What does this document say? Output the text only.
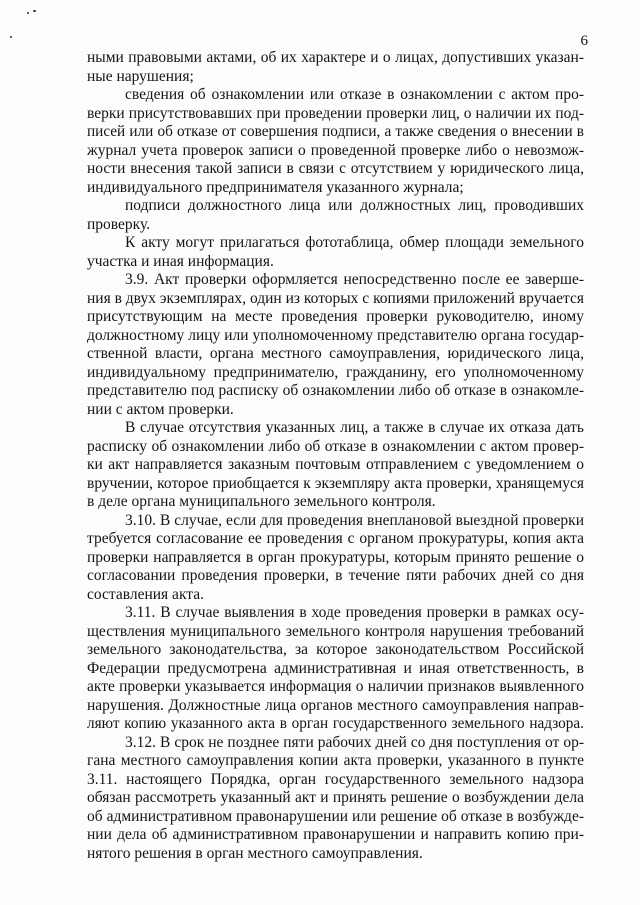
6
ными правовыми актами, об их характере и о лицах, допустивших указан-
ные нарушения;
сведения об ознакомлении или отказе в ознакомлении с актом про-
верки присутствовавших при проведении проверки лиц, о наличии их под-
писей или об отказе от совершения подписи, а также сведения о внесении в
журнал учета проверок записи о проведенной проверке либо о невозмож-
ности внесения такой записи в связи с отсутствием у юридического лица,
индивидуального предпринимателя указанного журнала;
подписи должностного лица или должностных лиц, проводивших
проверку.
К акту могут прилагаться фототаблица, обмер площади земельного
участка и иная информация.
3.9. Акт проверки оформляется непосредственно после ее заверше-
ния в двух экземплярах, один из которых с копиями приложений вручается
присутствующим на месте проведения проверки руководителю, иному
должностному лицу или уполномоченному представителю органа государ-
ственной власти, органа местного самоуправления, юридического лица,
индивидуальному предпринимателю, гражданину, его уполномоченному
представителю под расписку об ознакомлении либо об отказе в ознакомле-
нии с актом проверки.
В случае отсутствия указанных лиц, а также в случае их отказа дать
расписку об ознакомлении либо об отказе в ознакомлении с актом провер-
ки акт направляется заказным почтовым отправлением с уведомлением о
вручении, которое приобщается к экземпляру акта проверки, хранящемуся
в деле органа муниципального земельного контроля.
3.10. В случае, если для проведения внеплановой выездной проверки
требуется согласование ее проведения с органом прокуратуры, копия акта
проверки направляется в орган прокуратуры, которым принято решение о
согласовании проведения проверки, в течение пяти рабочих дней со дня
составления акта.
3.11. В случае выявления в ходе проведения проверки в рамках осу-
ществления муниципального земельного контроля нарушения требований
земельного законодательства, за которое законодательством Российской
Федерации предусмотрена административная и иная ответственность, в
акте проверки указывается информация о наличии признаков выявленного
нарушения. Должностные лица органов местного самоуправления направ-
ляют копию указанного акта в орган государственного земельного надзора.
3.12. В срок не позднее пяти рабочих дней со дня поступления от ор-
гана местного самоуправления копии акта проверки, указанного в пункте
3.11. настоящего Порядка, орган государственного земельного надзора
обязан рассмотреть указанный акт и принять решение о возбуждении дела
об административном правонарушении или решение об отказе в возбужде-
нии дела об административном правонарушении и направить копию при-
нятого решения в орган местного самоуправления.
